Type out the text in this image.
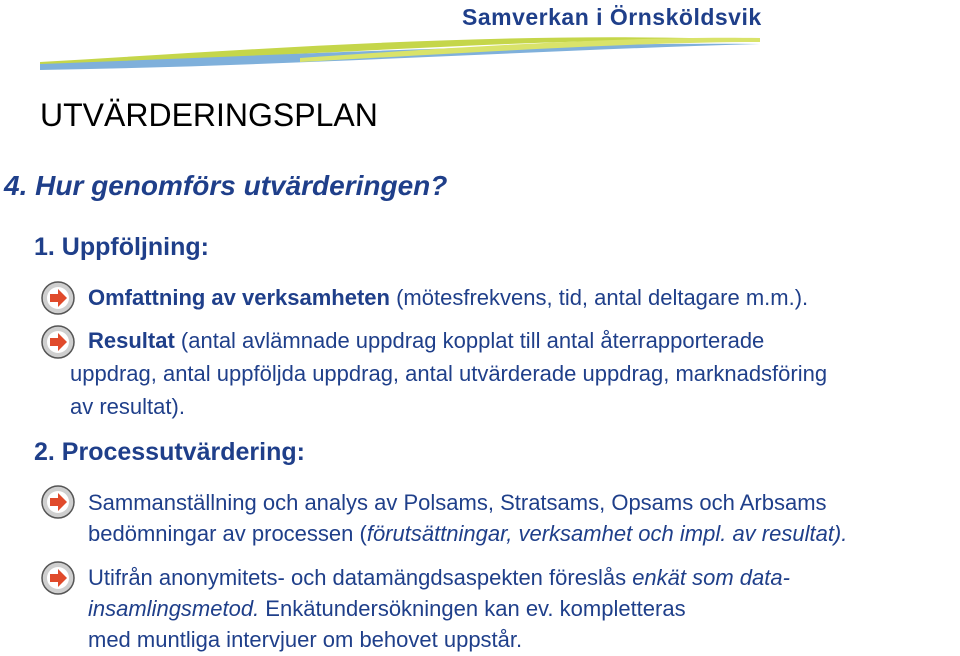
Samverkan i Örnsköldsvik
UTVÄRDERINGSPLAN
4. Hur genomförs utvärderingen?
1. Uppföljning:
Omfattning av verksamheten (mötesfrekvens, tid, antal deltagare m.m.).
Resultat (antal avlämnade uppdrag kopplat till antal återrapporterade
uppdrag, antal uppföljda uppdrag, antal utvärderade uppdrag, marknadsföring
av resultat).
2. Processutvärdering:
Sammanställning och analys av Polsams, Stratsams, Opsams och Arbsams
bedömningar av processen (förutsättningar, verksamhet och impl. av resultat).
Utifrån anonymitets- och datamängdsaspekten föreslås enkät som data-
insamlingsmetod. Enkätundersökningen kan ev. kompletteras
med muntliga intervjuer om behovet uppstår.
